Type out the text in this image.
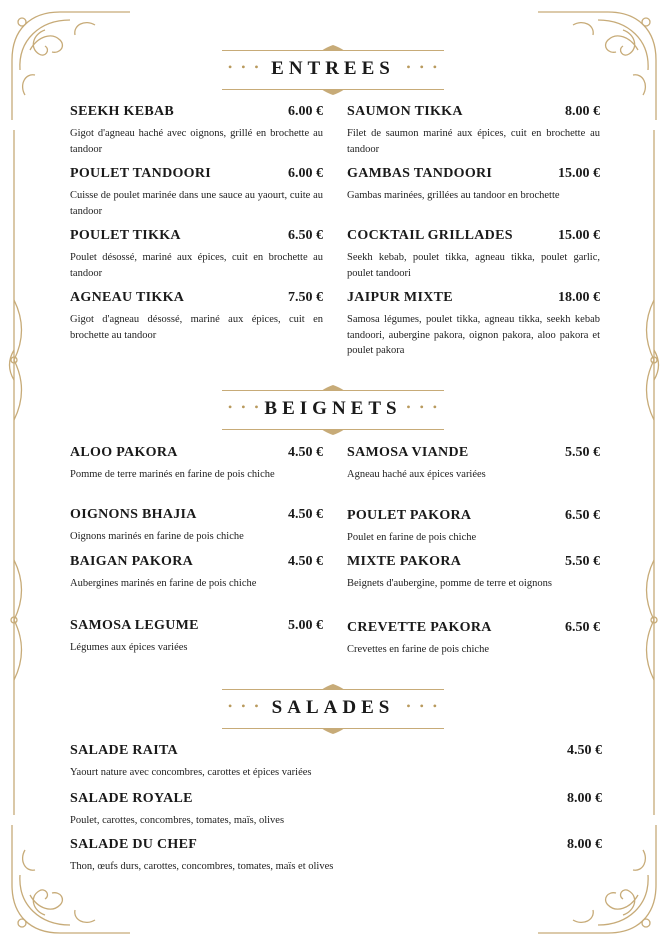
• • • ENTREES • • •
SEEKH KEBAB	6.00 €
Gigot d'agneau haché avec oignons, grillé en brochette au tandoor
POULET TANDOORI	6.00 €
Cuisse de poulet marinée dans une sauce au yaourt, cuite au tandoor
POULET TIKKA	6.50 €
Poulet désossé, mariné aux épices, cuit en brochette au tandoor
AGNEAU TIKKA	7.50 €
Gigot d'agneau désossé, mariné aux épices, cuit en brochette au tandoor
SAUMON TIKKA	8.00 €
Filet de saumon mariné aux épices, cuit en brochette au tandoor
GAMBAS TANDOORI	15.00 €
Gambas marinées, grillées au tandoor en brochette
COCKTAIL GRILLADES	15.00 €
Seekh kebab, poulet tikka, agneau tikka, poulet garlic, poulet tandoori
JAIPUR MIXTE	18.00 €
Samosa légumes, poulet tikka, agneau tikka, seekh kebab tandoori, aubergine pakora, oignon pakora, aloo pakora et poulet pakora
• • • BEIGNETS • • •
ALOO PAKORA	4.50 €
Pomme de terre marinés en farine de pois chiche
OIGNONS BHAJIA	4.50 €
Oignons marinés en farine de pois chiche
BAIGAN PAKORA	4.50 €
Aubergines marinés en farine de pois chiche
SAMOSA LEGUME	5.00 €
Légumes aux épices variées
SAMOSA VIANDE	5.50 €
Agneau haché aux épices variées
POULET PAKORA	6.50 €
Poulet en farine de pois chiche
MIXTE PAKORA	5.50 €
Beignets d'aubergine, pomme de terre et oignons
CREVETTE PAKORA	6.50 €
Crevettes en farine de pois chiche
• • • SALADES	• • •
SALADE RAITA	4.50 €
Yaourt nature avec concombres, carottes et épices variées
SALADE ROYALE	8.00 €
Poulet, carottes, concombres, tomates, maïs, olives
SALADE DU CHEF	8.00 €
Thon, œufs durs, carottes, concombres, tomates, maïs et olives
